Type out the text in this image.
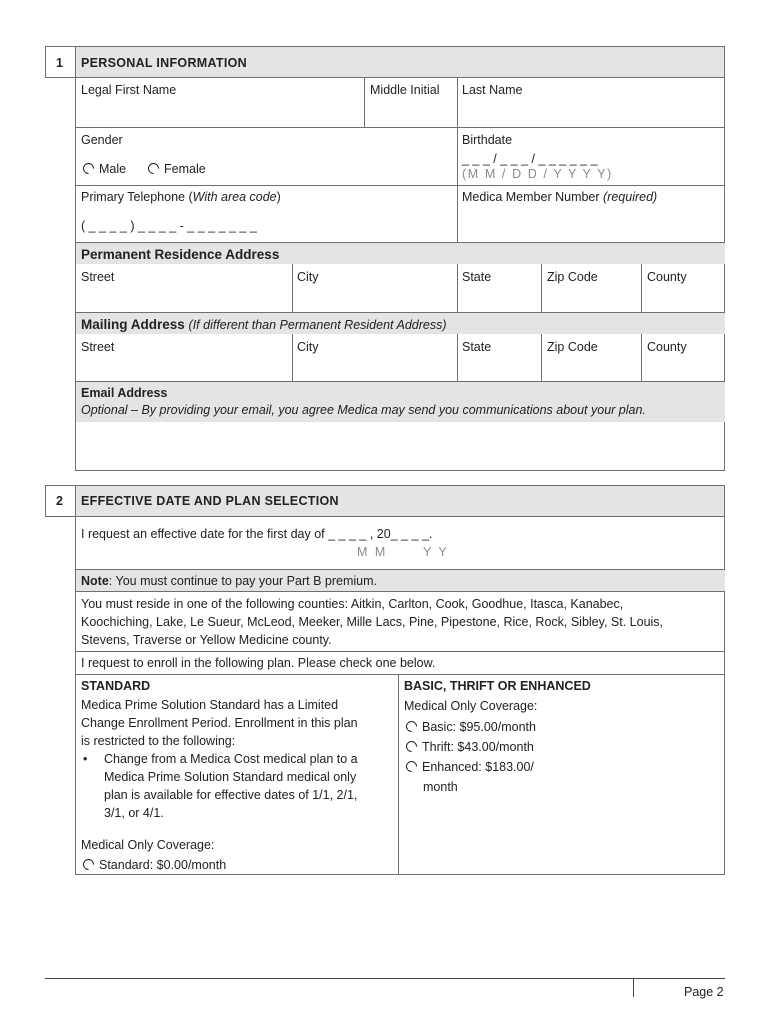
1 PERSONAL INFORMATION
Legal First Name	Middle Initial Last Name
Gender
Male	Female
Birthdate
_ _ _ / _ _ _ / _ _ _ _ _ _
(M M / D D / Y Y Y Y)
Primary Telephone (With area code)
( _ _ _ _ ) _ _ _ _ - _ _ _ _ _ _ _
Medica Member Number (required)
Permanent Residence Address
Street	City	State	Zip Code	County
Mailing Address (If different than Permanent Resident Address)
Street	City	State	Zip Code	County
Email Address
Optional – By providing your email, you agree Medica may send you communications about your plan.
2 EFFECTIVE DATE AND PLAN SELECTION
I request an effective date for the first day of _ _ _ _ , 20_ _ _ _.
M M	Y Y
Note: You must continue to pay your Part B premium.
You must reside in one of the following counties: Aitkin, Carlton, Cook, Goodhue, Itasca, Kanabec,
Koochiching, Lake, Le Sueur, McLeod, Meeker, Mille Lacs, Pine, Pipestone, Rice, Rock, Sibley, St. Louis,
Stevens, Traverse or Yellow Medicine county.
I request to enroll in the following plan. Please check one below.
STANDARD
Medica Prime Solution Standard has a Limited
Change Enrollment Period. Enrollment in this plan
is restricted to the following:
• Change from a Medica Cost medical plan to a
Medica Prime Solution Standard medical only
plan is available for effective dates of 1/1, 2/1,
3/1, or 4/1.
Medical Only Coverage:
Standard: $0.00/month
BASIC, THRIFT OR ENHANCED
Medical Only Coverage:
Basic: $95.00/month
Thrift: $43.00/month
Enhanced: $183.00/
month
Page 2
